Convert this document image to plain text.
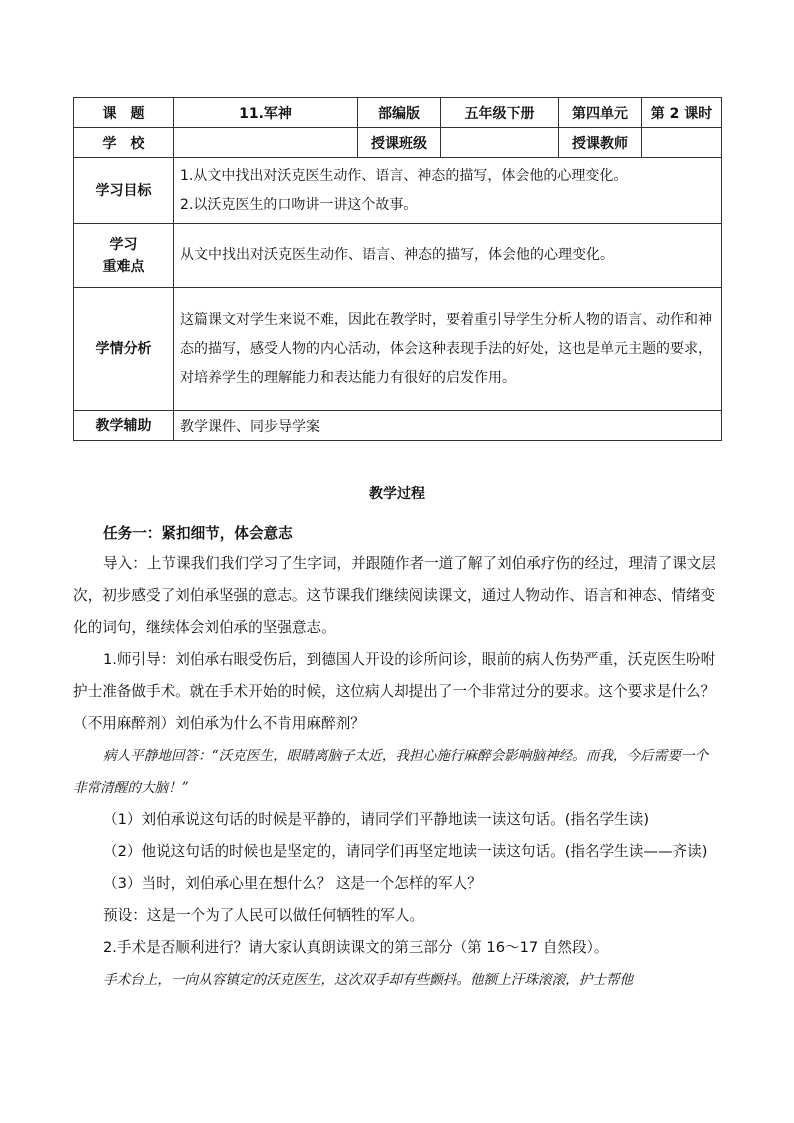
课　题	11.军神	部编版	五年级下册	第四单元	第 2 课时
学　校		授课班级		授课教师	
学习目标	1.从文中找出对沃克医生动作、语言、神态的描写，体会他的心理变化。
2.以沃克医生的口吻讲一讲这个故事。				

学习
重难点	从文中找出对沃克医生动作、语言、神态的描写，体会他的心理变化。				
学情分析	这篇课文对学生来说不难，因此在教学时，要着重引导学生分析人物的语言、动作和神态的描写，感受人物的内心活动，体会这种表现手法的好处，这也是单元主题的要求，对培养学生的理解能力和表达能力有很好的启发作用。				
教学辅助	教学课件、同步导学案				
教学过程

任务一：紧扣细节，体会意志

导入：上节课我们我们学习了生字词，并跟随作者一道了解了刘伯承疗伤的经过，理清了课文层次，初步感受了刘伯承坚强的意志。这节课我们继续阅读课文，通过人物动作、语言和神态、情绪变化的词句，继续体会刘伯承的坚强意志。

1.师引导：刘伯承右眼受伤后，到德国人开设的诊所问诊，眼前的病人伤势严重，沃克医生吩咐护士准备做手术。就在手术开始的时候，这位病人却提出了一个非常过分的要求。这个要求是什么？（不用麻醉剂）刘伯承为什么不肯用麻醉剂？

病人平静地回答：“沃克医生，眼睛离脑子太近，我担心施行麻醉会影响脑神经。而我，今后需要一个非常清醒的大脑！”

（1）刘伯承说这句话的时候是平静的，请同学们平静地读一读这句话。(指名学生读)

（2）他说这句话的时候也是坚定的，请同学们再坚定地读一读这句话。(指名学生读——齐读)

（3）当时，刘伯承心里在想什么？ 这是一个怎样的军人？

预设：这是一个为了人民可以做任何牺牲的军人。

2.手术是否顺利进行？请大家认真朗读课文的第三部分（第 16～17 自然段）。

手术台上，一向从容镇定的沃克医生，这次双手却有些颤抖。他额上汗珠滚滚，护士帮他
